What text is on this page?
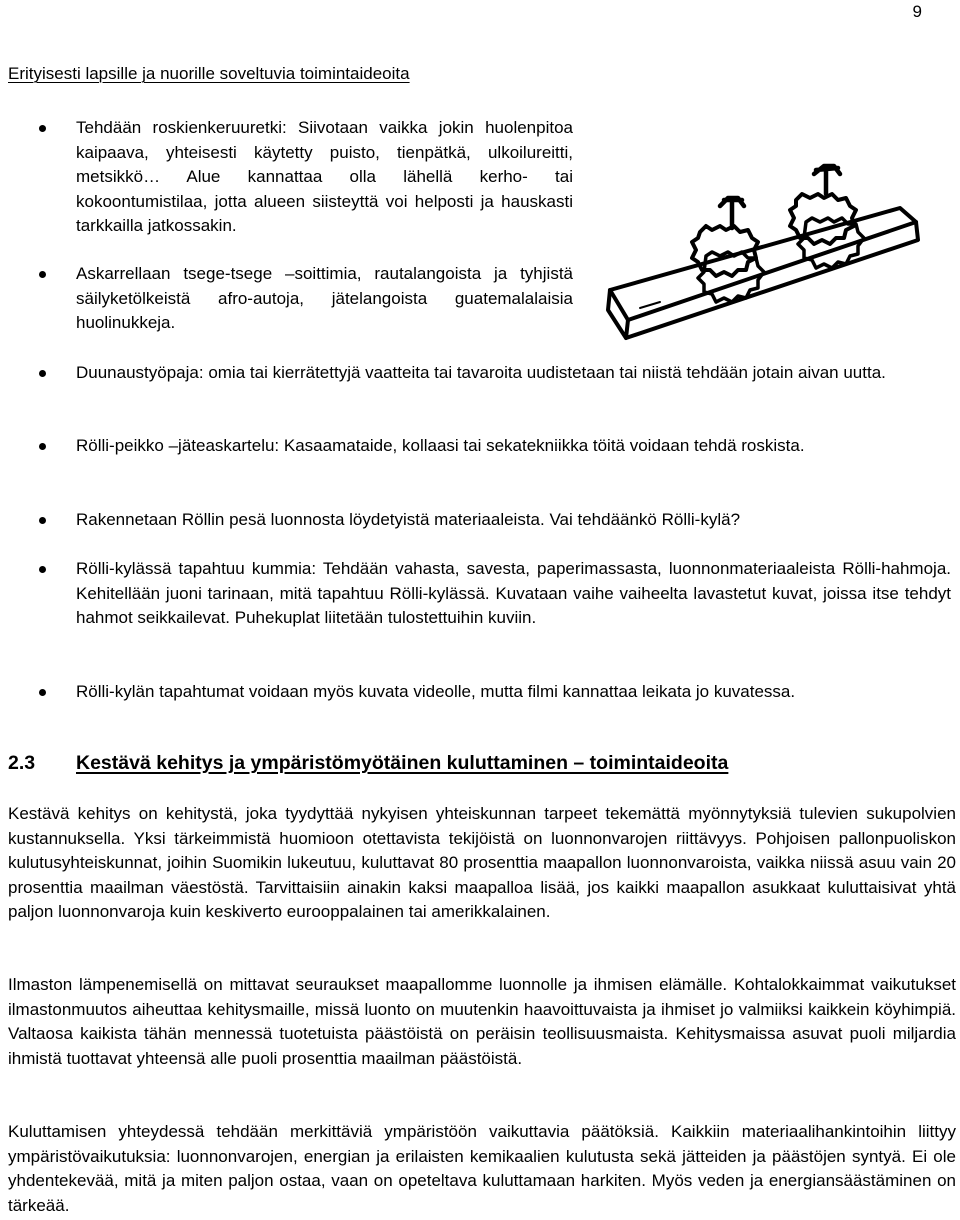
9
Erityisesti lapsille ja nuorille soveltuvia toimintaideoita
Tehdään roskienkeruuretki: Siivotaan vaikka jokin huolenpitoa kaipaava, yhteisesti käytetty puisto, tienpätkä, ulkoilureitti, metsikkö… Alue kannattaa olla lähellä kerho- tai kokoontumistilaa, jotta alueen siisteyttä voi helposti ja hauskasti tarkkailla jatkossakin.
Askarrellaan tsege-tsege –soittimia, rautalangoista ja tyhjistä säilyketölkeistä afro-autoja, jätelangoista guatemalalaisia huolinukkeja.
Duunaustyöpaja: omia tai kierrätettyjä vaatteita tai tavaroita uudistetaan tai niistä tehdään jotain aivan uutta.
Rölli-peikko –jäteaskartelu: Kasaamataide, kollaasi tai sekatekniikka töitä voidaan tehdä roskista.
Rakennetaan Röllin pesä luonnosta löydetyistä materiaaleista. Vai tehdäänkö Rölli-kylä?
Rölli-kylässä tapahtuu kummia: Tehdään vahasta, savesta, paperimassasta, luonnonmateriaaleista Rölli-hahmoja. Kehitellään juoni tarinaan, mitä tapahtuu Rölli-kylässä. Kuvataan vaihe vaiheelta lavastetut kuvat, joissa itse tehdyt hahmot seikkailevat. Puhekuplat liitetään tulostettuihin kuviin.
Rölli-kylän tapahtumat voidaan myös kuvata videolle, mutta filmi kannattaa leikata jo kuvatessa.
2.3 Kestävä kehitys ja ympäristömyötäinen kuluttaminen – toimintaideoita
Kestävä kehitys on kehitystä, joka tyydyttää nykyisen yhteiskunnan tarpeet tekemättä myönnytyksiä tulevien sukupolvien kustannuksella. Yksi tärkeimmistä huomioon otettavista tekijöistä on luonnonvarojen riittävyys. Pohjoisen pallonpuoliskon kulutusyhteiskunnat, joihin Suomikin lukeutuu, kuluttavat 80 prosenttia maapallon luonnonvaroista, vaikka niissä asuu vain 20 prosenttia maailman väestöstä. Tarvittaisiin ainakin kaksi maapalloa lisää, jos kaikki maapallon asukkaat kuluttaisivat yhtä paljon luonnonvaroja kuin keskiverto eurooppalainen tai amerikkalainen.
Ilmaston lämpenemisellä on mittavat seuraukset maapallomme luonnolle ja ihmisen elämälle. Kohtalokkaimmat vaikutukset ilmastonmuutos aiheuttaa kehitysmaille, missä luonto on muutenkin haavoittuvaista ja ihmiset jo valmiiksi kaikkein köyhimpiä. Valtaosa kaikista tähän mennessä tuotetuista päästöistä on peräisin teollisuusmaista. Kehitysmaissa asuvat puoli miljardia ihmistä tuottavat yhteensä alle puoli prosenttia maailman päästöistä.
Kuluttamisen yhteydessä tehdään merkittäviä ympäristöön vaikuttavia päätöksiä. Kaikkiin materiaalihankintoihin liittyy ympäristövaikutuksia: luonnonvarojen, energian ja erilaisten kemikaalien kulutusta sekä jätteiden ja päästöjen syntyä. Ei ole yhdentekevää, mitä ja miten paljon ostaa, vaan on opeteltava kuluttamaan harkiten. Myös veden ja energiansäästäminen on tärkeää.
